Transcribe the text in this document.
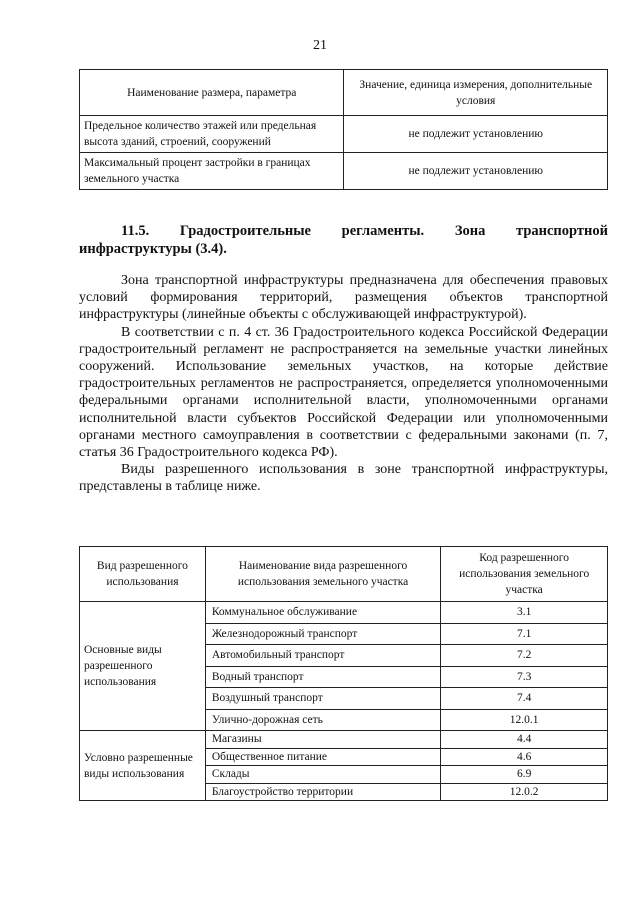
21
Наименование размера, параметра	Значение, единица измерения, дополнительные условия
Предельное количество этажей или предельная высота зданий, строений, сооружений	не подлежит установлению
Максимальный процент застройки в границах земельного участка	не подлежит установлению
11.5. Градостроительные регламенты. Зона транспортной
инфраструктуры (3.4).

Зона транспортной инфраструктуры предназначена для обеспечения правовых условий формирования территорий, размещения объектов транспортной инфраструктуры (линейные объекты с обслуживающей инфраструктурой).

В соответствии с п. 4 ст. 36 Градостроительного кодекса Российской Федерации градостроительный регламент не распространяется на земельные участки линейных сооружений. Использование земельных участков, на которые действие градостроительных регламентов не распространяется, определяется уполномоченными федеральными органами исполнительной власти, уполномоченными органами исполнительной власти субъектов Российской Федерации или уполномоченными органами местного самоуправления в соответствии с федеральными законами (п. 7, статья 36 Градостроительного кодекса РФ).

Виды разрешенного использования в зоне транспортной инфраструктуры, представлены в таблице ниже.

Вид разрешенного использования	Наименование вида разрешенного использования земельного участка	Код разрешенного использования земельного участка
Основные виды разрешенного использования	Коммунальное обслуживание	3.1
	Железнодорожный транспорт	7.1
	Автомобильный транспорт	7.2
	Водный транспорт	7.3
	Воздушный транспорт	7.4
	Улично-дорожная сеть	12.0.1
Условно разрешенные виды использования	Магазины	4.4
	Общественное питание	4.6
	Склады	6.9
	Благоустройство территории	12.0.2
